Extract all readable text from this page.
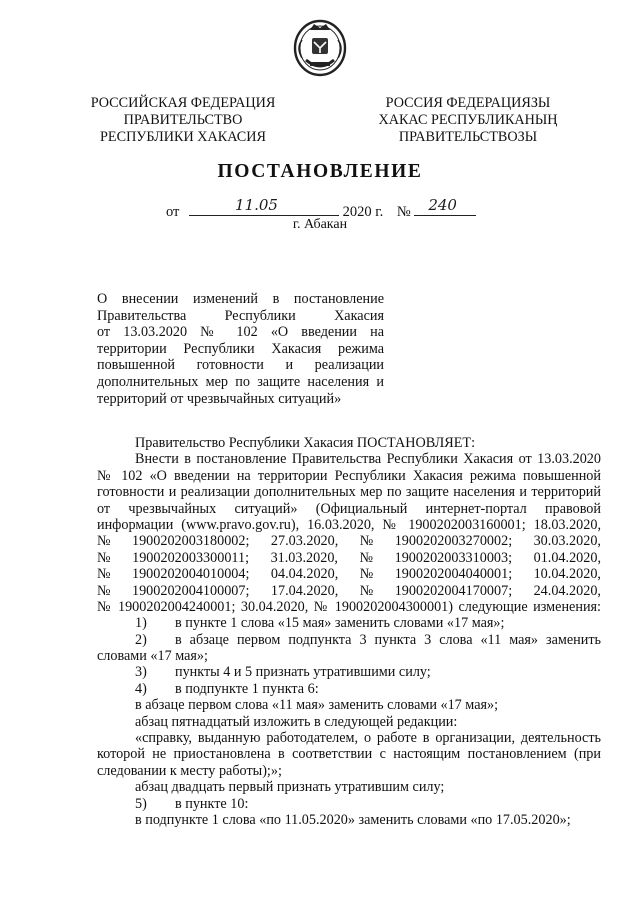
РОССИЙСКАЯ ФЕДЕРАЦИЯ
ПРАВИТЕЛЬСТВО
РЕСПУБЛИКИ ХАКАСИЯ
РОССИЯ ФЕДЕРАЦИЯЗЫ
ХАКАС РЕСПУБЛИКАНЫҢ
ПРАВИТЕЛЬСТВОЗЫ
ПОСТАНОВЛЕНИЕ
от	11.05	2020 г. № 240
г. Абакан
О внесении изменений в постановление
Правительства Республики Хакасия
от 13.03.2020 № 102 «О введении на
территории Республики Хакасия режима
повышенной готовности и реализации
дополнительных мер по защите населения и
территорий от чрезвычайных ситуаций»
Правительство Республики Хакасия ПОСТАНОВЛЯЕТ:
Внести в постановление Правительства Республики Хакасия от 13.03.2020
№ 102 «О введении на территории Республики Хакасия режима повышенной
готовности и реализации дополнительных мер по защите населения и территорий
от чрезвычайных ситуаций» (Официальный интернет-портал правовой
информации (www.pravo.gov.ru), 16.03.2020, № 1900202003160001; 18.03.2020,
№ 1900202003180002; 27.03.2020, № 1900202003270002; 30.03.2020,
№ 1900202003300011; 31.03.2020, № 1900202003310003; 01.04.2020,
№ 1900202004010004; 04.04.2020, № 1900202004040001; 10.04.2020,
№ 1900202004100007; 17.04.2020, № 1900202004170007; 24.04.2020,
№ 1900202004240001; 30.04.2020, № 1900202004300001) следующие изменения:
1) в пункте 1 слова «15 мая» заменить словами «17 мая»;
2) в абзаце первом подпункта 3 пункта 3 слова «11 мая» заменить
словами «17 мая»;
3) пункты 4 и 5 признать утратившими силу;
4) в подпункте 1 пункта 6:
в абзаце первом слова «11 мая» заменить словами «17 мая»;
абзац пятнадцатый изложить в следующей редакции:
«справку, выданную работодателем, о работе в организации, деятельность
которой не приостановлена в соответствии с настоящим постановлением (при
следовании к месту работы);»;
абзац двадцать первый признать утратившим силу;
5) в пункте 10:
в подпункте 1 слова «по 11.05.2020» заменить словами «по 17.05.2020»;
